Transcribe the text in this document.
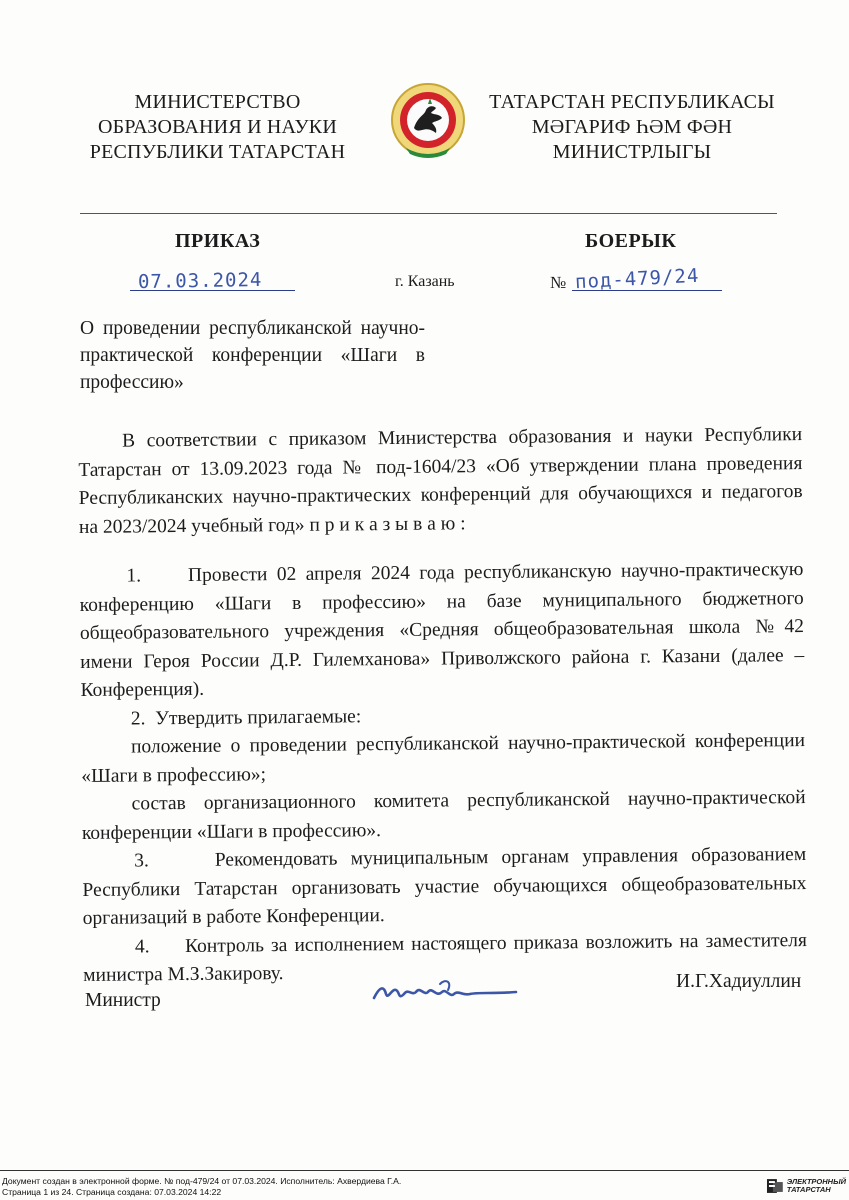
МИНИСТЕРСТВО
ОБРАЗОВАНИЯ И НАУКИ
РЕСПУБЛИКИ ТАТАРСТАН
ТАТАРСТАН РЕСПУБЛИКАСЫ
МӘГАРИФ ҺӘМ ФӘН
МИНИСТРЛЫГЫ
ПРИКАЗ	БОЕРЫК
07.03.2024	г. Казань	№ под-479/24
О проведении республиканской научно-
практической конференции «Шаги в
профессию»
В соответствии с приказом Министерства образования и науки Республики
Татарстан от 13.09.2023 года № под-1604/23 «Об утверждении плана проведения
Республиканских научно-практических конференций для обучающихся и педагогов
на 2023/2024 учебный год» п р и к а з ы в а ю :
1.     Провести 02 апреля 2024 года республиканскую научно-практическую
конференцию «Шаги в профессию» на базе муниципального бюджетного
общеобразовательного учреждения «Средняя общеобразовательная школа №42
имени Героя России Д.Р. Гилемханова» Приволжского района г. Казани (далее –
Конференция).
2.  Утвердить прилагаемые:
положение о проведении республиканской научно-практической конференции
«Шаги в профессию»;
состав организационного комитета республиканской научно-практической
конференции «Шаги в профессию».
3.     Рекомендовать муниципальным органам управления образованием
Республики Татарстан организовать участие обучающихся общеобразовательных
организаций в работе Конференции.
4.     Контроль за исполнением настоящего приказа возложить на заместителя
министра М.З.Закирову.
Министр
И.Г.Хадиуллин
Документ создан в электронной форме. № под-479/24 от 07.03.2024. Исполнитель: Ахвердиева Г.А.
Страница 1 из 24. Страница создана: 07.03.2024 14:22
ЭЛЕКТРОННЫЙ
ТАТАРСТАН
